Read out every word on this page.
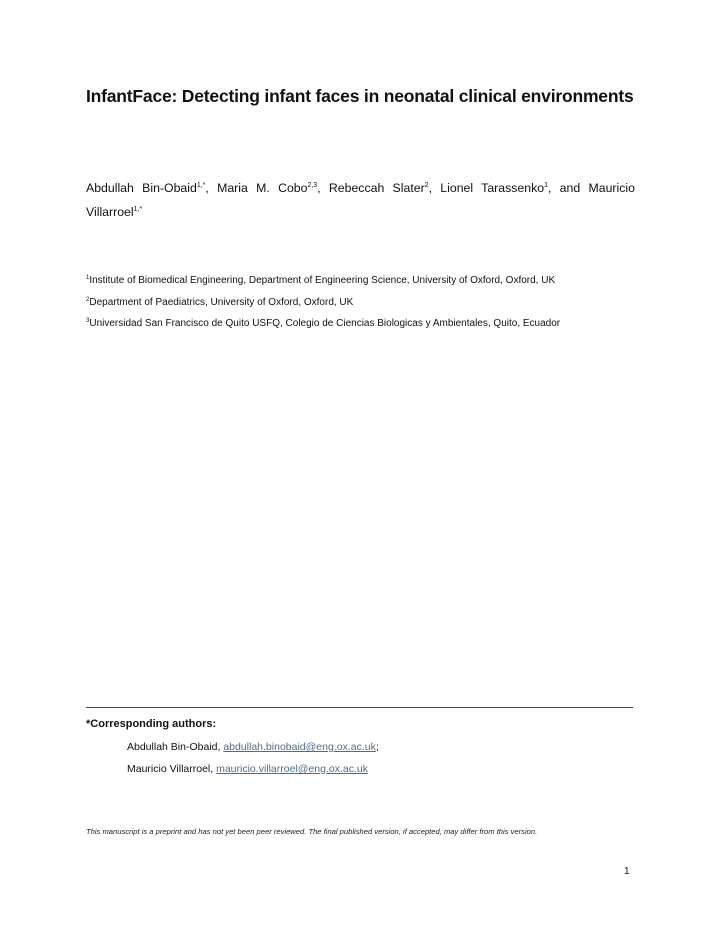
InfantFace: Detecting infant faces in neonatal clinical environments
Abdullah Bin-Obaid$^{1,*}$, Maria M. Cobo$^{2,3}$, Rebeccah Slater$^2$, Lionel Tarassenko$^1$, and Mauricio Villarroel$^{1,*}$
$^1$Institute of Biomedical Engineering, Department of Engineering Science, University of Oxford, Oxford, UK
$^2$Department of Paediatrics, University of Oxford, Oxford, UK
$^3$Universidad San Francisco de Quito USFQ, Colegio de Ciencias Biologicas y Ambientales, Quito, Ecuador
*Corresponding authors:
Abdullah Bin-Obaid, abdullah.binobaid@eng.ox.ac.uk;
Mauricio Villarroel, mauricio.villarroel@eng.ox.ac.uk
This manuscript is a preprint and has not yet been peer reviewed. The final published version, if accepted, may differ from this version.
1
